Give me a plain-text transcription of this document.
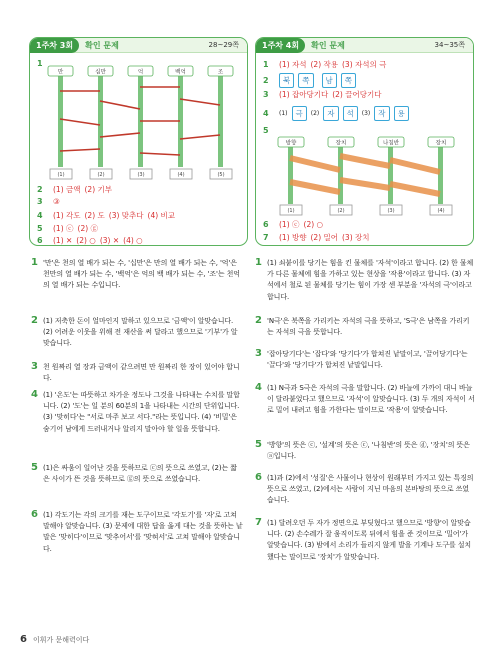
1주차 3회	확인 문제	28~29쪽
1
만	십만	억	백억	조
(1)	(2)	(3)	(4)	(5)
2	(1) 금액 (2) 기부
3	③
4	(1) 각도 (2) 도 (3) 맞추다 (4) 비교
5	(1) ⓒ (2) ⓖ
6	(1) ✕ (2) ○ (3) ✕ (4) ○
1주차 4회	확인 문제	34~35쪽
1	(1) 자석 (2) 작용 (3) 자석의 극
2	북	쪽	남	쪽
3	(1) 잡아당기다 (2) 끌어당기다
4	(1)	극	(2)	자	석	(3)	작	용
5
방향	장치	나침반	장치
(1)	(2)	(3)	(4)
6	(1) ⓒ (2) ○
7	(1) 방향 (2) 밀어 (3) 장치
1 '만'은 천의 열 배가 되는 수, '십만'은 만의 열 배가 되는 수, '억'은 천만의 열 배가 되는 수, '백억'은 억의 백 배가 되는 수, '조'는 천억의 열 배가 되는 수입니다.
2 (1) 저축한 돈이 얼마인지 말하고 있으므로 '금액'이 알맞습니다. (2) 어려운 이웃을 위해 전 재산을 써 달라고 했으므로 '기부'가 알맞습니다.
3 천 원짜리 열 장과 금액이 같으려면 만 원짜리 한 장이 있어야 합니다.
4 (1) '온도'는 따뜻하고 차가운 정도나 그것을 나타내는 수치를 말합니다. (2) '도'는 일 분의 60분의 1을 나타내는 시간의 단위입니다. (3) '맞히다'는 "서로 마주 보고 서다."라는 뜻입니다. (4) '비밀'은 숨기어 남에게 드러내거나 알리지 말아야 할 일을 뜻합니다.
5 (1)은 싸움이 일어난 것을 뜻하므로 ⓒ의 뜻으로 쓰였고, (2)는 짧은 사이가 뜬 것을 뜻하므로 ⓖ의 뜻으로 쓰였습니다.
6 (1) 각도기는 각의 크기를 재는 도구이므로 '각도기'를 '자'로 고쳐 말해야 알맞습니다. (3) 문제에 대한 답을 옳게 대는 것을 뜻하는 낱말은 '맞히다'이므로 '맞추어서'를 '맞혀서'로 고쳐 말해야 알맞습니다.
1 (1) 쇠붙이를 당기는 힘을 킨 물체를 '자석'이라고 합니다. (2) 한 물체가 다른 물체에 힘을 가하고 있는 현상을 '작용'이라고 합니다. (3) 자석에서 철로 된 물체를 당기는 힘이 가장 센 부분을 '자석의 극'이라고 합니다.
2 'N극'은 북쪽을 가리키는 자석의 극을 뜻하고, 'S극'은 남쪽을 가리키는 자석의 극을 뜻합니다.
3 '잡아당기다'는 '잡다'와 '당기다'가 합쳐진 낱말이고, '끌어당기다'는 '끌다'와 '당기다'가 합쳐진 낱말입니다.
4 (1) N극과 S극은 자석의 극을 말합니다. (2) 바늘에 가까이 대니 바늘이 달라붙었다고 했으므로 '자석'이 알맞습니다. (3) 두 개의 자석이 서로 밀어 내려고 힘을 가한다는 말이므로 '작용'이 알맞습니다.
5 '방향'의 뜻은 ⓒ, '설계'의 뜻은 ⓒ, '나침반'의 뜻은 ⓓ, '장치'의 뜻은 ⓐ입니다.
6 (1)과 (2)에서 '성질'은 사물이나 현상이 원래부터 가지고 있는 특징의 뜻으로 쓰였고, (2)에서는 사람이 지닌 마음의 본바탕의 뜻으로 쓰였습니다.
7 (1) 달려오던 두 자가 정면으로 부딪혔다고 했으므로 '방향'이 알맞습니다. (2) 손수레가 잘 움직이도록 뒤에서 힘을 준 것이므로 '밀어'가 알맞습니다. (3) 밤에서 소리가 들리지 않게 발을 기계나 도구를 설치했다는 말이므로 '장치'가 알맞습니다.
6 이휘가 문해력이다
